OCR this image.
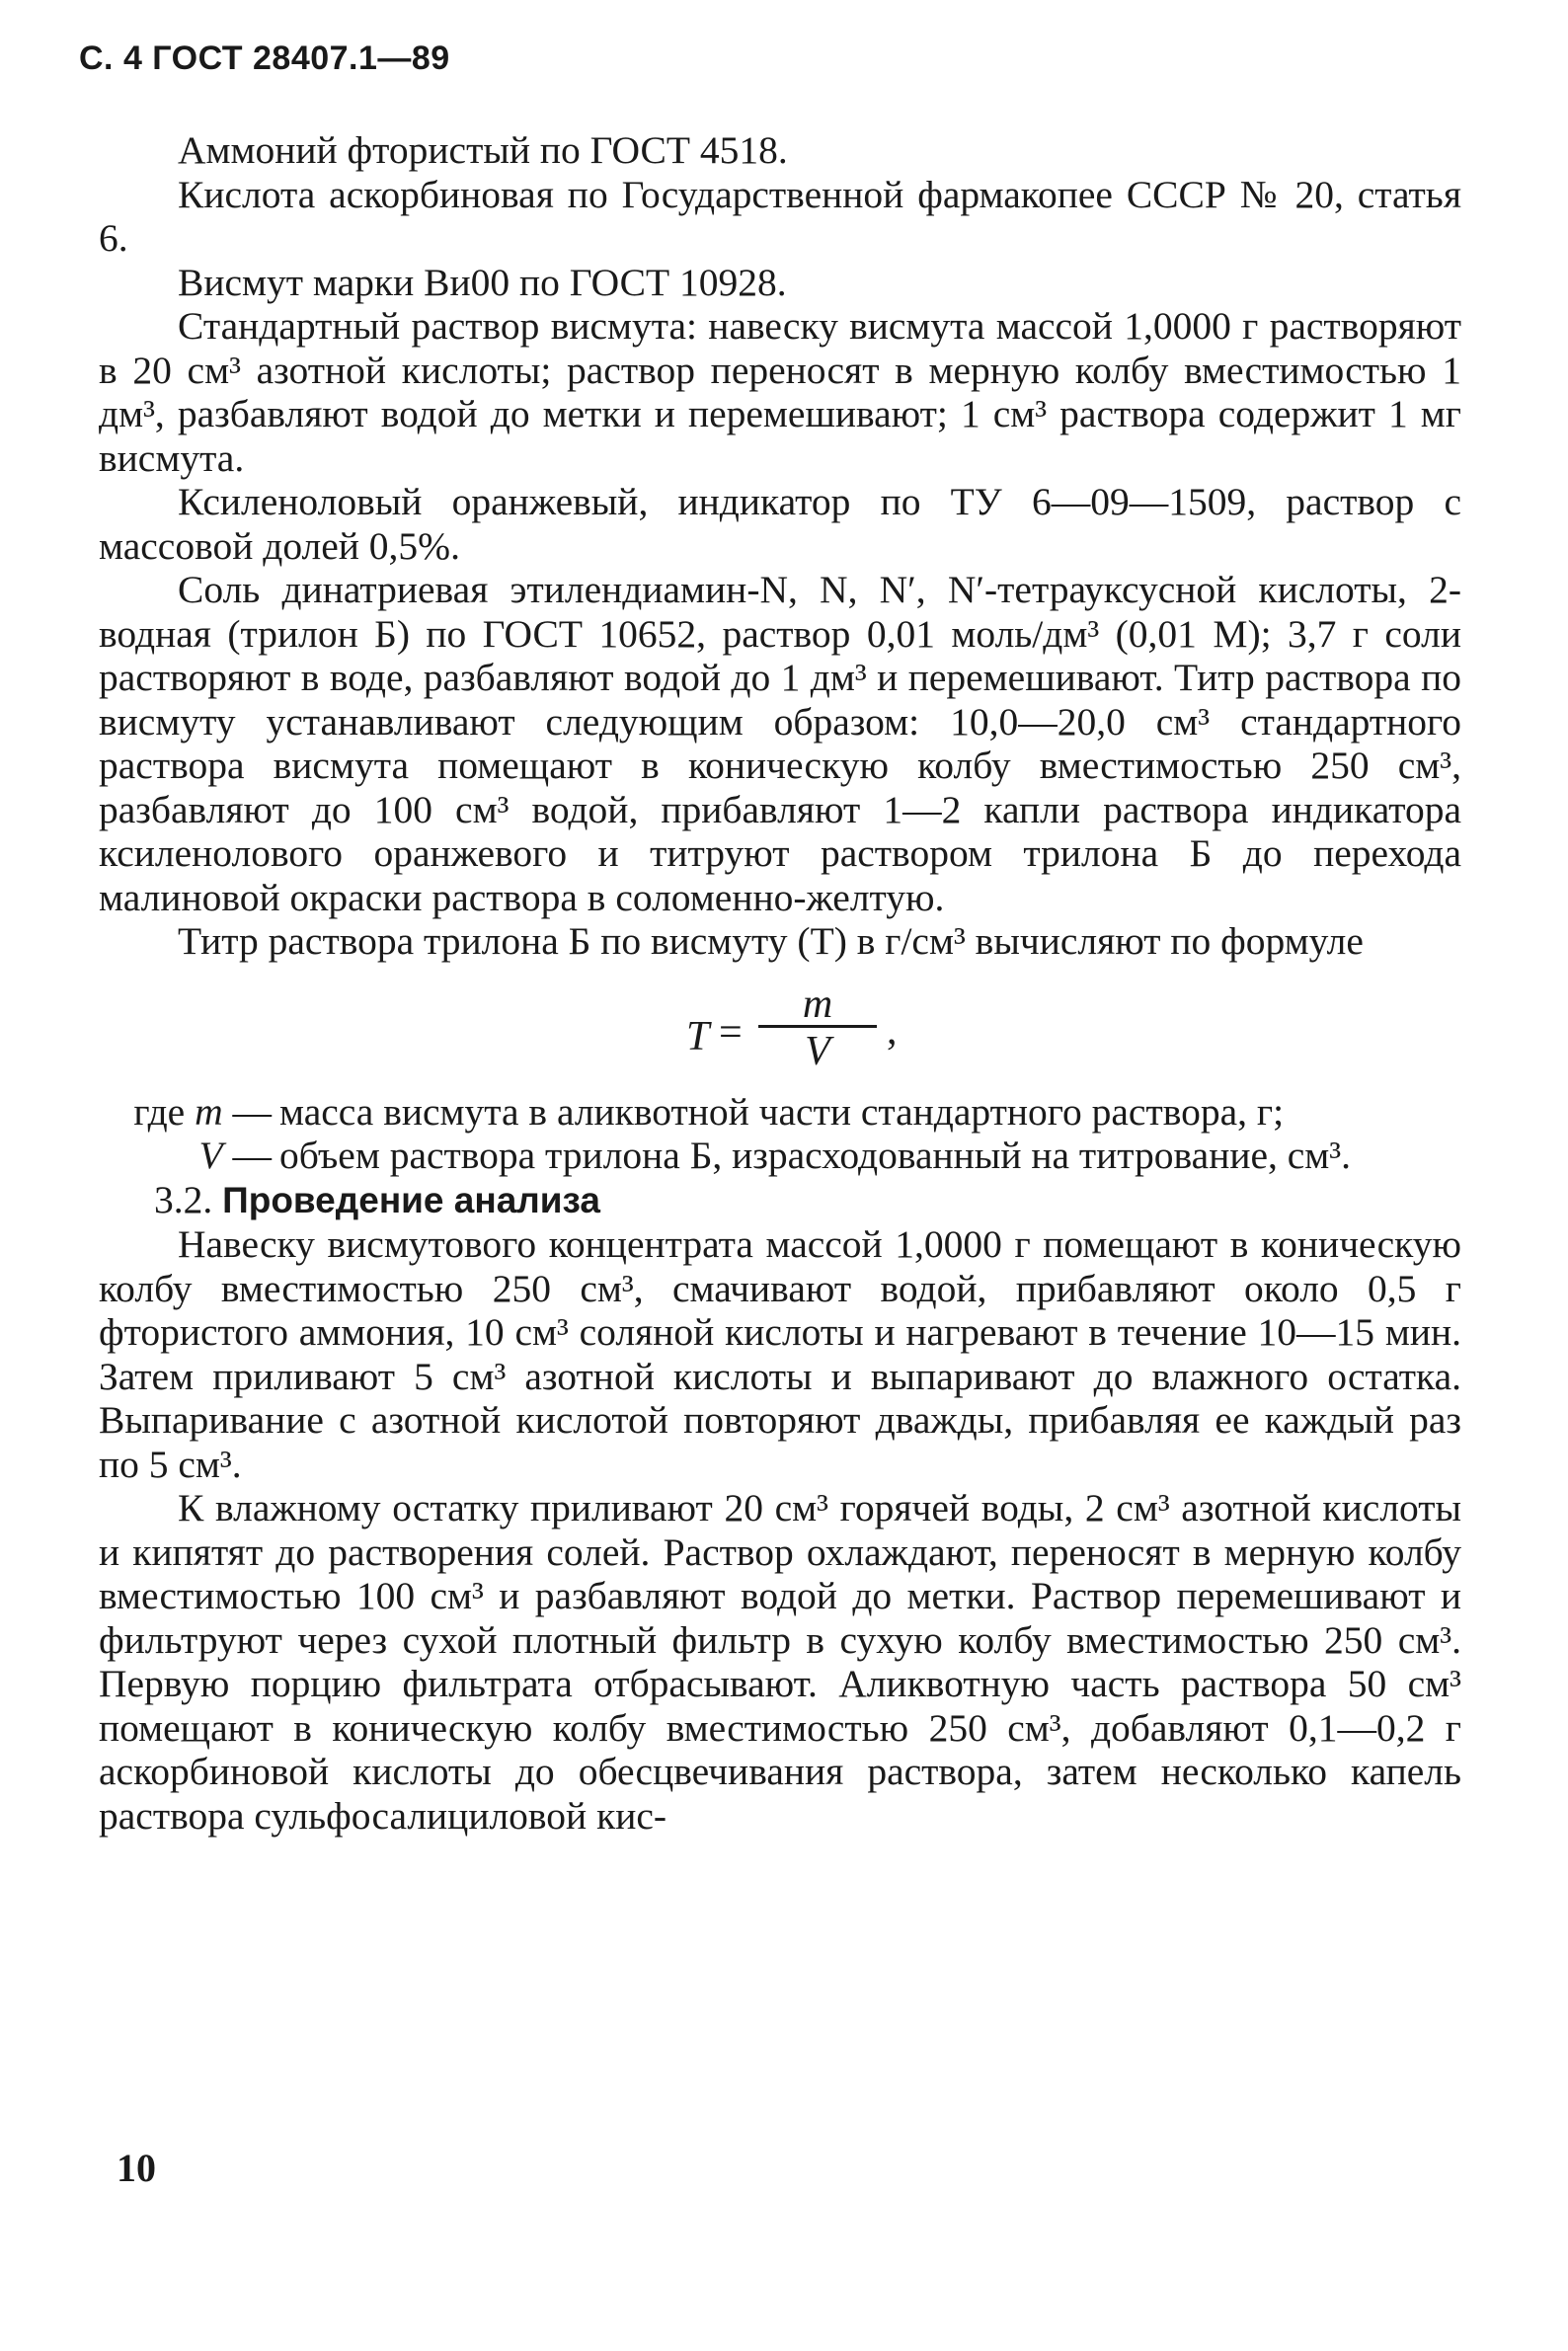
С. 4 ГОСТ 28407.1—89

Аммоний фтористый по ГОСТ 4518.

Кислота аскорбиновая по Государственной фармакопее СССР № 20, статья 6.

Висмут марки Ви00 по ГОСТ 10928.

Стандартный раствор висмута: навеску висмута массой 1,0000 г растворяют в 20 см³ азотной кислоты; раствор переносят в мерную колбу вместимостью 1 дм³, разбавляют водой до метки и перемешивают; 1 см³ раствора содержит 1 мг висмута.

Ксиленоловый оранжевый, индикатор по ТУ 6—09—1509, раствор с массовой долей 0,5%.

Соль динатриевая этилендиамин-N, N, N′, N′-тетрауксусной кислоты, 2-водная (трилон Б) по ГОСТ 10652, раствор 0,01 моль/дм³ (0,01 М); 3,7 г соли растворяют в воде, разбавляют водой до 1 дм³ и перемешивают. Титр раствора по висмуту устанавливают следующим образом: 10,0—20,0 см³ стандартного раствора висмута помещают в коническую колбу вместимостью 250 см³, разбавляют до 100 см³ водой, прибавляют 1—2 капли раствора индикатора ксиленолового оранжевого и титруют раствором трилона Б до перехода малиновой окраски раствора в соломенно-желтую.

Титр раствора трилона Б по висмуту (T) в г/см³ вычисляют по формуле

T =
m
V	,
где m — масса висмута в аликвотной части стандартного раствора, г;
V — объем раствора трилона Б, израсходованный на титрование, см³.

3.2. Проведение анализа

Навеску висмутового концентрата массой 1,0000 г помещают в коническую колбу вместимостью 250 см³, смачивают водой, прибавляют около 0,5 г фтористого аммония, 10 см³ соляной кислоты и нагревают в течение 10—15 мин. Затем приливают 5 см³ азотной кислоты и выпаривают до влажного остатка. Выпаривание с азотной кислотой повторяют дважды, прибавляя ее каждый раз по 5 см³.

К влажному остатку приливают 20 см³ горячей воды, 2 см³ азотной кислоты и кипятят до растворения солей. Раствор охлаждают, переносят в мерную колбу вместимостью 100 см³ и разбавляют водой до метки. Раствор перемешивают и фильтруют через сухой плотный фильтр в сухую колбу вместимостью 250 см³. Первую порцию фильтрата отбрасывают. Аликвотную часть раствора 50 см³ помещают в коническую колбу вместимостью 250 см³, добавляют 0,1—0,2 г аскорбиновой кислоты до обесцвечивания раствора, затем несколько капель раствора сульфосалициловой кис-

10
